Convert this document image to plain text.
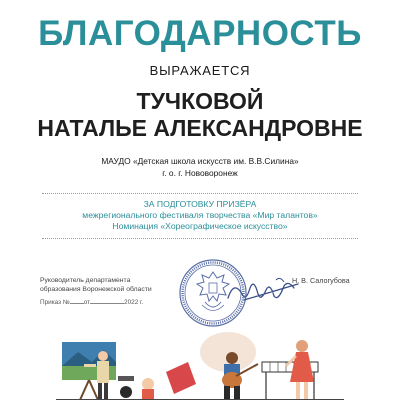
БЛАГОДАРНОСТЬ
ВЫРАЖАЕТСЯ
ТУЧКОВОЙ
НАТАЛЬЕ АЛЕКСАНДРОВНЕ
МАУДО «Детская школа искусств им. В.В.Силина»
г. о. г. Нововоронеж
ЗА ПОДГОТОВКУ ПРИЗЁРА
межрегионального фестиваля творчества «Мир талантов»
Номинация «Хореографическое искусство»
Руководитель департамента
образования Воронежской области
Приказ № от	2022 г.
Н. В. Салогубова
